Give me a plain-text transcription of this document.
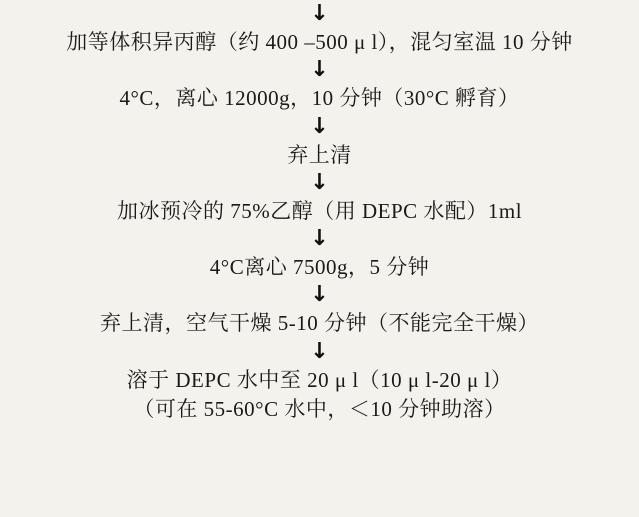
↓
加等体积异丙醇（约 400 –500 μ l），混匀室温 10 分钟
↓
4°C，离心 12000g，10 分钟（30°C 孵育）
↓
弃上清
↓
加冰预冷的 75%乙醇（用 DEPC 水配）1ml
↓
4°C离心 7500g，5 分钟
↓
弃上清，空气干燥 5-10 分钟（不能完全干燥）
↓
溶于 DEPC 水中至 20 μ l（10 μ l-20 μ l）
（可在 55-60°C 水中，＜10 分钟助溶）
